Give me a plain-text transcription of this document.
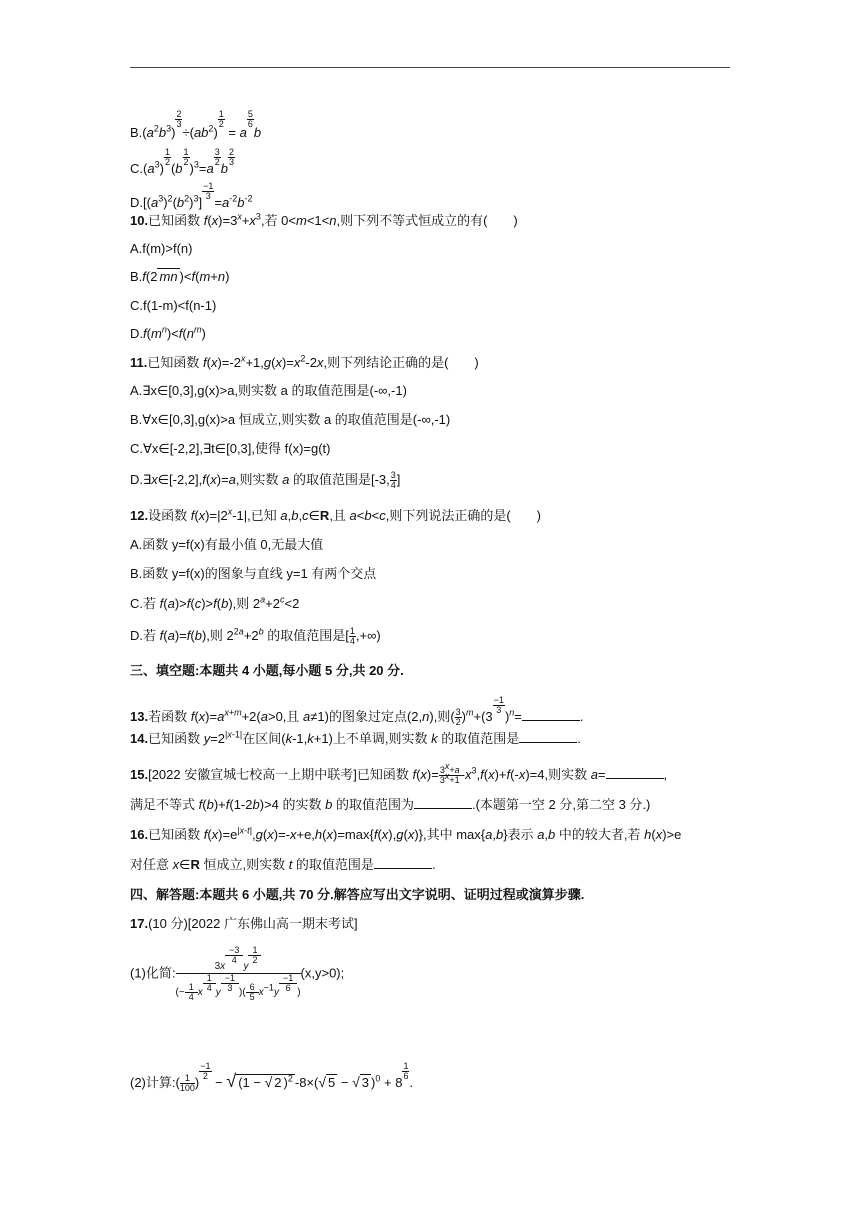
$B.(a^2b^3)$
$\frac{2}{3}$
$\div(ab^2)$
$\frac{1}{2}$
= a
$\frac{5}{6}$
b
$C.(a^3)$
$\frac{1}{2}$
(b
$\frac{1}{2}$
)$^3$=a
$\frac{3}{2}$
b
$\frac{2}{3}$
$D.[(a^3)^2(b^2)^3]$
$\frac{-1}{3}$
$=a^{-2}b^{-2}$
10.已知函数 $f(x)=3^x+x^3$,若 0<m<1<n,则下列不等式恒成立的有(　　)
A.f(m)>f(n)
B.f(2 mn )<f(m+n)
C.f(1-m)<f(n-1)
$D.f(m^n)<f(n^m)$
11.已知函数 $f(x)=-2^x+1,g(x)=x^2-2x$,则下列结论正确的是(　　)
A.∃x∈[0,3],g(x)>a,则实数 a 的取值范围是(-∞,-1)
B.∀x∈[0,3],g(x)>a 恒成立,则实数 a 的取值范围是(-∞,-1)
C.∀x∈[-2,2],∃t∈[0,3],使得 f(x)=g(t)
D.∃x∈[-2,2],f(x)=a,则实数 a 的取值范围是[-3, $\frac{3}{4}$ ]
12.设函数 $f(x)=|2^x-1|$,已知 a,b,c∈R,且 a<b<c,则下列说法正确的是(　　)
A.函数 y=f(x)有最小值 0,无最大值
B.函数 y=f(x)的图象与直线 y=1 有两个交点
C.若 f(a)>f(c)>f(b),则 $2^a+2^c<2$
D.若 f(a)=f(b),则 $2^{2a}+2^b$ 的取值范围是[ $\frac{1}{4}$ ,+∞)
三、填空题:本题共 4 小题,每小题 5 分,共 20 分.
13.若函数 $f(x)=a^{x+m}+2(a>0$,且 a≠1)的图象过定点(2,n),则( $\frac{3}{2} )^m+(3$
$\frac{-1}{3}$
)$^n$=	.
14.已知函数 $y=2^{|x-1|}$在区间(k-1,k+1)上不单调,则实数 k 的取值范围是	.
15.[2022 安徽宣城七校高一上期中联考]已知函数 $f(x)= \frac{3^x+a}{3^x+1} -x^3,f(x)+f(-x)=4$,则实数 a=	,
满足不等式 f(b)+f(1-2b)>4 的实数 b 的取值范围为	.(本题第一空 2 分,第二空 3 分.)
16.已知函数 $f(x)=e^{|x-t|},g(x)=-x+e,h(x)=\max\{f(x),g(x)\}$,其中 max{a,b}表示 a,b 中的较大者,若 h(x)>e
对任意 x∈R 恒成立,则实数 t 的取值范围是	.
四、解答题:本题共 6 小题,共 70 分.解答应写出文字说明、证明过程或演算步骤.
17.(10 分)[2022 广东佛山高一期末考试]
(1)化简: 3x
$\frac{-3}{4}$
y
$\frac{1}{2}$
(− $\frac{1}{4}$ x $\frac{1}{4}$ y $\frac{-1}{3}$ )( $\frac{6}{5} x^{-1}y \frac{-1}{6}$ ) (x,y>0);
(2)计算:( $\frac{1}{100}$ )
$\frac{-1}{2}$
− √ (1 − √ 2 )$^2$ -8×(√ 5 − √ 3 )$^0$ + 8
$\frac{1}{6}$
.
